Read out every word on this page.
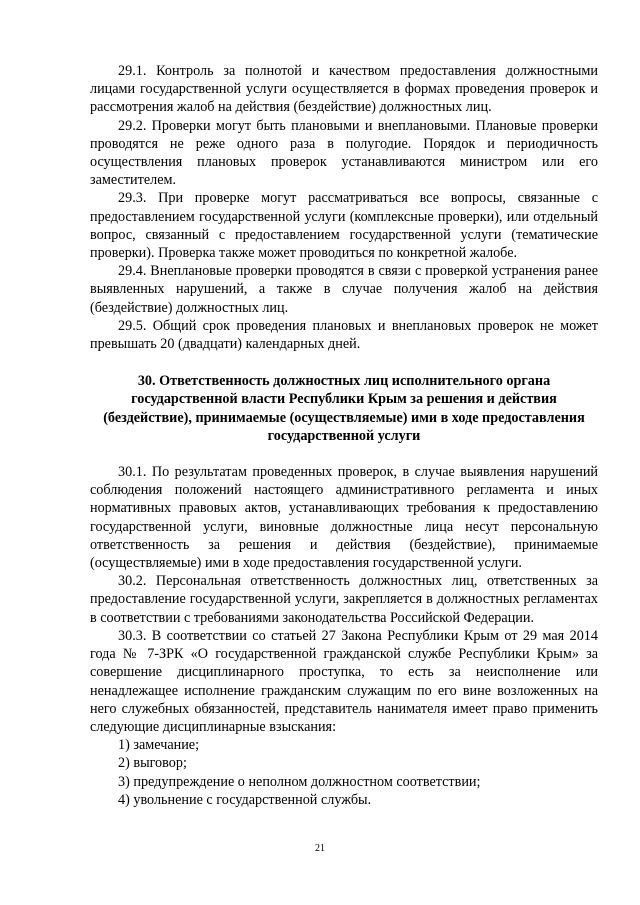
29.1. Контроль за полнотой и качеством предоставления должностными лицами государственной услуги осуществляется в формах проведения проверок и рассмотрения жалоб на действия (бездействие) должностных лиц.

29.2. Проверки могут быть плановыми и внеплановыми. Плановые проверки проводятся не реже одного раза в полугодие. Порядок и периодичность осуществления плановых проверок устанавливаются министром или его заместителем.

29.3. При проверке могут рассматриваться все вопросы, связанные с предоставлением государственной услуги (комплексные проверки), или отдельный вопрос, связанный с предоставлением государственной услуги (тематические проверки). Проверка также может проводиться по конкретной жалобе.

29.4. Внеплановые проверки проводятся в связи с проверкой устранения ранее выявленных нарушений, а также в случае получения жалоб на действия (бездействие) должностных лиц.

29.5. Общий срок проведения плановых и внеплановых проверок не может превышать 20 (двадцати) календарных дней.

30. Ответственность должностных лиц исполнительного органа государственной власти Республики Крым за решения и действия (бездействие), принимаемые (осуществляемые) ими в ходе предоставления государственной услуги

30.1. По результатам проведенных проверок, в случае выявления нарушений соблюдения положений настоящего административного регламента и иных нормативных правовых актов, устанавливающих требования к предоставлению государственной услуги, виновные должностные лица несут персональную ответственность за решения и действия (бездействие), принимаемые (осуществляемые) ими в ходе предоставления государственной услуги.

30.2. Персональная ответственность должностных лиц, ответственных за предоставление государственной услуги, закрепляется в должностных регламентах в соответствии с требованиями законодательства Российской Федерации.

30.3. В соответствии со статьей 27 Закона Республики Крым от 29 мая 2014 года № 7-ЗРК «О государственной гражданской службе Республики Крым» за совершение дисциплинарного проступка, то есть за неисполнение или ненадлежащее исполнение гражданским служащим по его вине возложенных на него служебных обязанностей, представитель нанимателя имеет право применить следующие дисциплинарные взыскания:

1) замечание;

2) выговор;

3) предупреждение о неполном должностном соответствии;

4) увольнение с государственной службы.

21
